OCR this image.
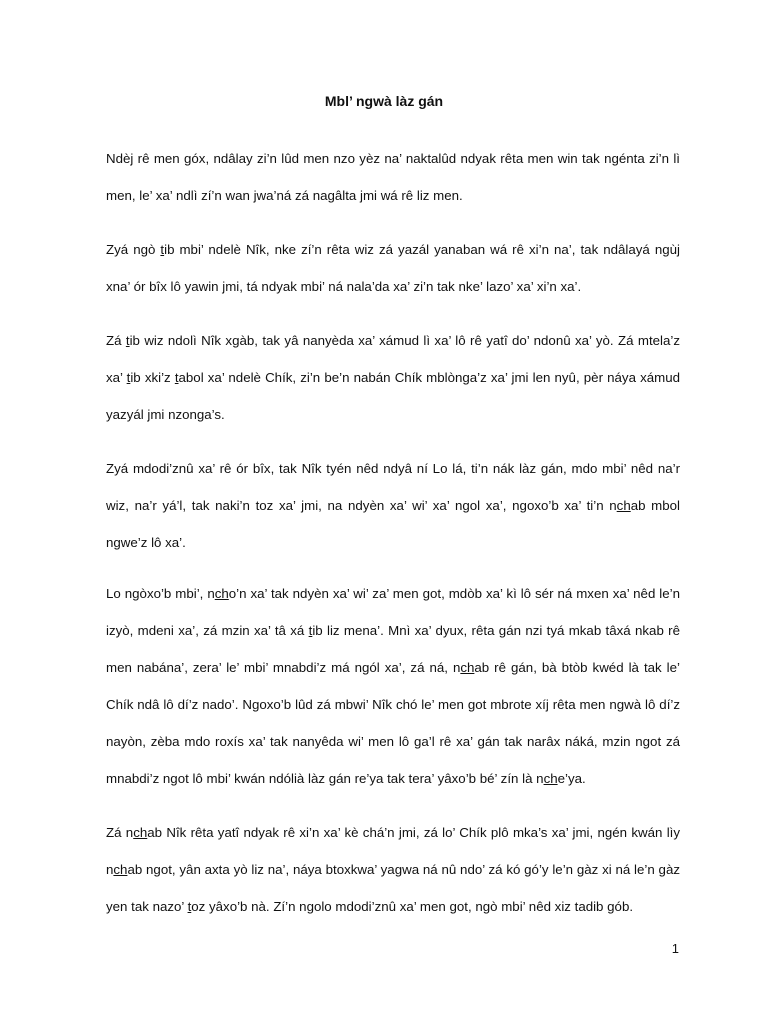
Mbl’ ngwà làz gán

Ndèj rê men góx, ndâlay zi’n lûd men nzo yèz na’ naktalûd ndyak rêta men win tak ngénta zi’n lì men, le’ xa’ ndlì zí’n wan jwa’ná zá nagâlta jmi wá rê liz men.

Zyá ngò tib mbi’ ndelè Nîk, nke zí’n rêta wiz zá yazál yanaban wá rê xi’n na’, tak ndâlayá ngùj xna’ ór bîx lô yawin jmi, tá ndyak mbi’ ná nala’da xa’ zi’n tak nke’ lazo’ xa’ xi’n xa’.

Zá tib wiz ndolì Nîk xgàb, tak yâ nanyèda xa’ xámud lì xa’ lô rê yatî do’ ndonû xa’ yò. Zá mtela’z xa’ tib xki’z tabol xa’ ndelè Chík, zi’n be’n nabán Chík mblònga’z xa’ jmi len nyû, pèr náya xámud yazyál jmi nzonga’s.

Zyá mdodi’znû xa’ rê ór bîx, tak Nîk tyén nêd ndyâ ní Lo lá, ti’n nák làz gán, mdo mbi’ nêd na’r wiz, na’r yá’l, tak naki’n toz xa’ jmi, na ndyèn xa’ wi’ xa’ ngol xa’, ngoxo’b xa’ ti’n nchab mbol ngwe’z lô xa’.

Lo ngòxo’b mbi’, ncho’n xa’ tak ndyèn xa’ wi’ za’ men got, mdòb xa’ kì lô sér ná mxen xa’ nêd le’n izyò, mdeni xa’, zá mzin xa’ tâ xá tib liz mena’. Mnì xa’ dyux, rêta gán nzi tyá mkab tâxá nkab rê men nabána’, zera’ le’ mbi’ mnabdi’z má ngól xa’, zá ná, nchab rê gán, bà btòb kwéd là tak le’ Chík ndâ lô dí’z nado’. Ngoxo’b lûd zá mbwi’ Nîk chó le’ men got mbrote xíj rêta men ngwà lô dí’z nayòn, zèba mdo roxís xa’ tak nanyêda wi’ men lô ga’l rê xa’ gán tak narâx náká, mzin ngot zá mnabdi’z ngot lô mbi’ kwán ndólià làz gán re’ya tak tera’ yâxo’b bé’ zín là nche’ya.

Zá nchab Nîk rêta yatî ndyak rê xi’n xa’ kè chá’n jmi, zá lo’ Chík plô mka’s xa’ jmi, ngén kwán lìy nchab ngot, yân axta yò liz na’, náya btoxkwa’ yagwa ná nû ndo’ zá kó gó’y le’n gàz xi ná le’n gàz yen tak nazo’ toz yâxo’b nà. Zí’n ngolo mdodi’znû xa’ men got, ngò mbi’ nêd xiz tadib gób.

1
